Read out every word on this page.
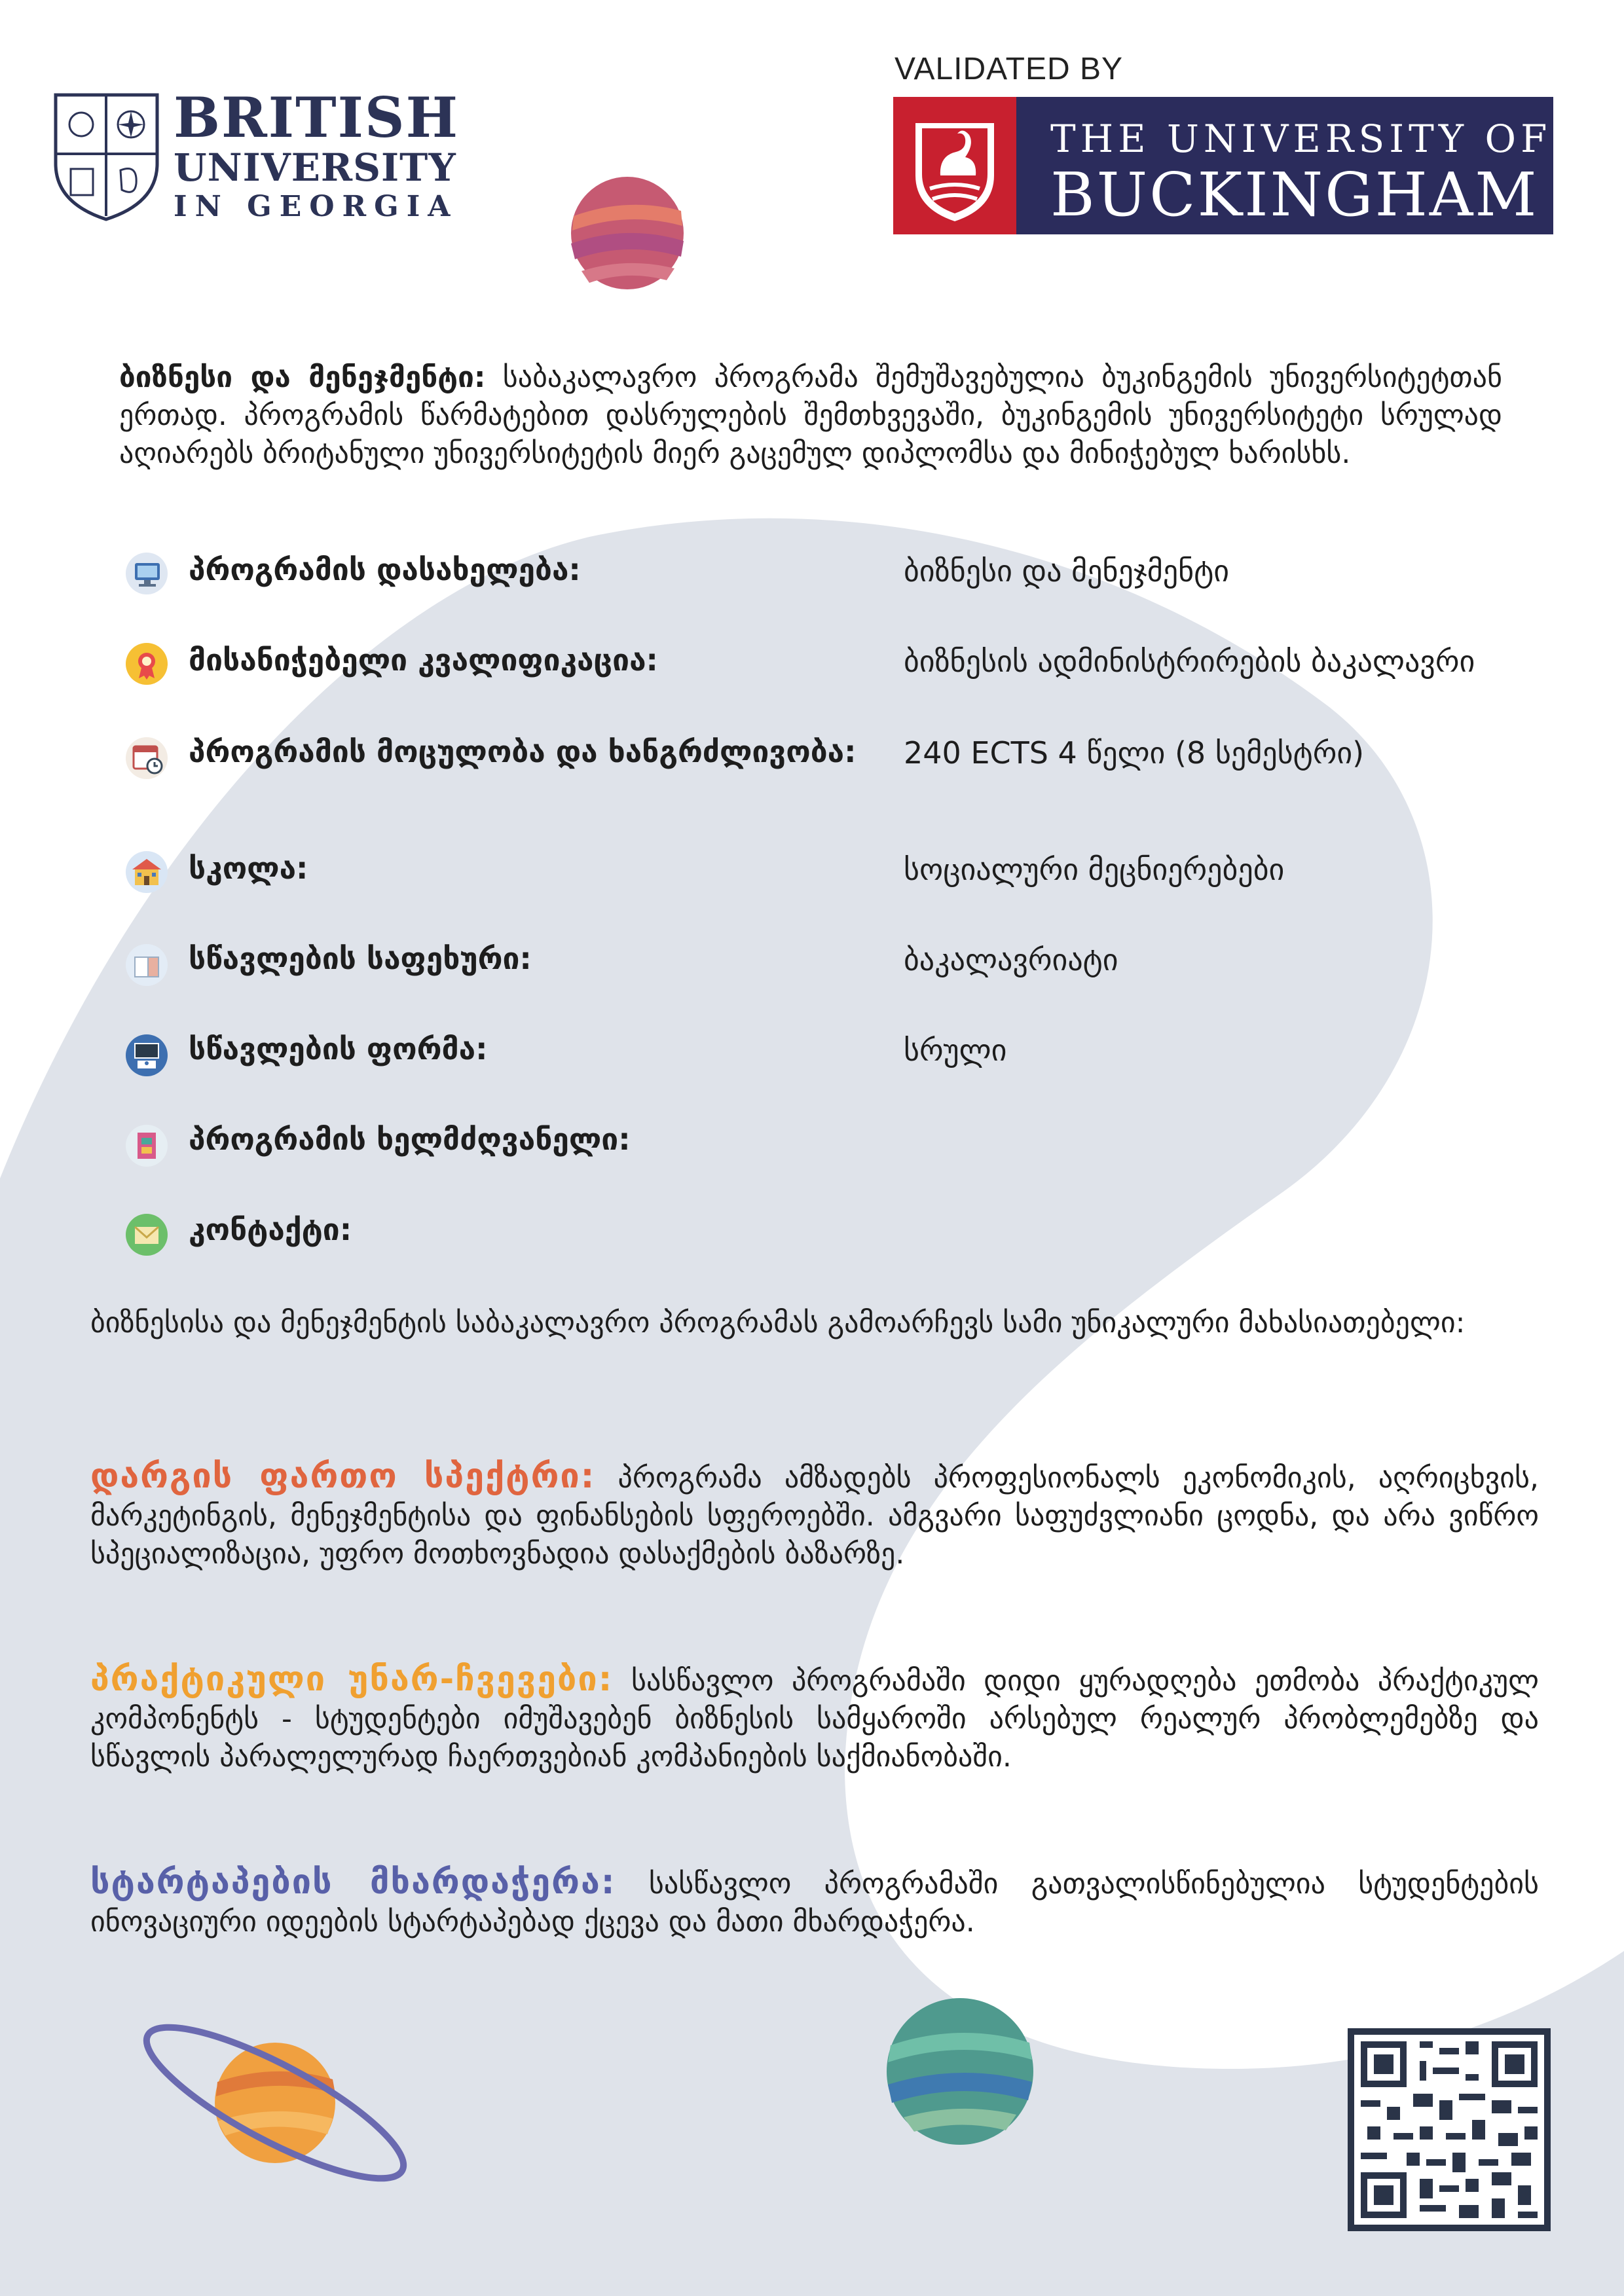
BRITISH
UNIVERSITY
IN GEORGIA
VALIDATED BY
THE UNIVERSITY OF
BUCKINGHAM
ბიზნესი და მენეჯმენტი: საბაკალავრო პროგრამა შემუშავებულია ბუკინგემის უნივერსიტეტთან ერთად. პროგრამის წარმატებით დასრულების შემთხვევაში, ბუკინგემის უნივერსიტეტი სრულად აღიარებს ბრიტანული უნივერსიტეტის მიერ გაცემულ დიპლომსა და მინიჭებულ ხარისხს.
პროგრამის დასახელება:	ბიზნესი და მენეჯმენტი
მისანიჭებელი კვალიფიკაცია:	ბიზნესის ადმინისტრირების ბაკალავრი
პროგრამის მოცულობა და ხანგრძლივობა:	240 ECTS 4 წელი (8 სემესტრი)
სკოლა:	სოციალური მეცნიერებები
სწავლების საფეხური:	ბაკალავრიატი
სწავლების ფორმა:	სრული
პროგრამის ხელმძღვანელი:
კონტაქტი:
ბიზნესისა და მენეჯმენტის საბაკალავრო პროგრამას გამოარჩევს სამი უნიკალური მახასიათებელი:
დარგის ფართო სპექტრი: პროგრამა ამზადებს პროფესიონალს ეკონომიკის, აღრიცხვის, მარკეტინგის, მენეჯმენტისა და ფინანსების სფეროებში. ამგვარი საფუძვლიანი ცოდნა, და არა ვიწრო სპეციალიზაცია, უფრო მოთხოვნადია დასაქმების ბაზარზე.
პრაქტიკული უნარ-ჩვევები: სასწავლო პროგრამაში დიდი ყურადღება ეთმობა პრაქტიკულ კომპონენტს - სტუდენტები იმუშავებენ ბიზნესის სამყაროში არსებულ რეალურ პრობლემებზე და სწავლის პარალელურად ჩაერთვებიან კომპანიების საქმიანობაში.
სტარტაპების მხარდაჭერა: სასწავლო პროგრამაში გათვალისწინებულია სტუდენტების ინოვაციური იდეების სტარტაპებად ქცევა და მათი მხარდაჭერა.
